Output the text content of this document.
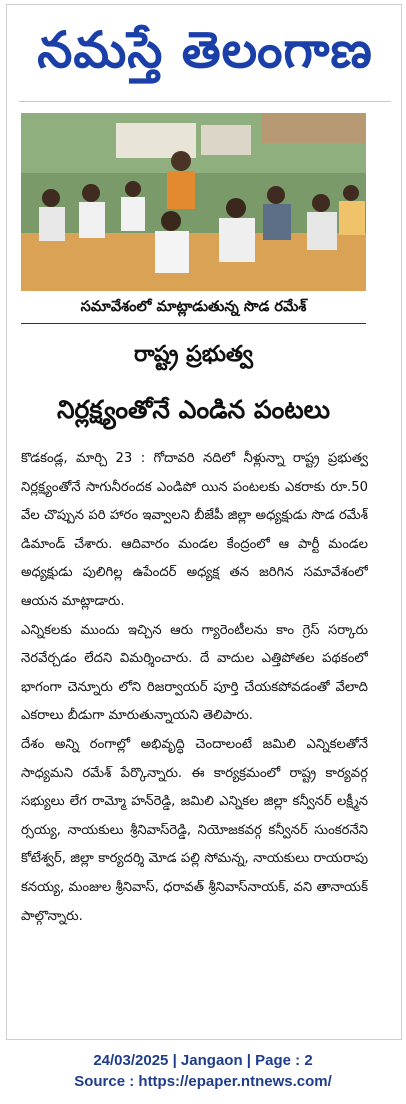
నమస్తే తెలంగాణ
సమావేశంలో మాట్లాడుతున్న సొడ రమేశ్
రాష్ట్ర ప్రభుత్వ
నిర్లక్ష్యంతోనే ఎండిన పంటలు

కొడకండ్ల, మార్చి 23 : గోదావరి నదిలో నీళ్లున్నా రాష్ట్ర ప్రభుత్వ నిర్లక్ష్యంతోనే సాగునీరందక ఎండిపో యిన పంటలకు ఎకరాకు రూ.50 వేల చొప్పున పరి హారం ఇవ్వాలని బీజేపీ జిల్లా అధ్యక్షుడు సొడ రమేశ్ డిమాండ్ చేశారు. ఆదివారం మండల కేంద్రంలో ఆ పార్టీ మండల అధ్యక్షుడు పులిగిల్ల ఉపేందర్ అధ్యక్ష తన జరిగిన సమావేశంలో ఆయన మాట్లాడారు.

ఎన్నికలకు ముందు ఇచ్చిన ఆరు గ్యారెంటీలను కాం గ్రెస్ సర్కారు నెరవేర్చడం లేదని విమర్శించారు. దే వాదుల ఎత్తిపోతల పథకంలో భాగంగా చెన్నూరు లోని రిజర్వాయర్ పూర్తి చేయకపోవడంతో వేలాది ఎకరాలు బీడుగా మారుతున్నాయని తెలిపారు.

దేశం అన్ని రంగాల్లో అభివృద్ధి చెందాలంటే జమిలి ఎన్నికలతోనే సాధ్యమని రమేశ్ పేర్కొన్నారు. ఈ కార్యక్రమంలో రాష్ట్ర కార్యవర్గ సభ్యులు లేగ రామ్మో హన్‌రెడ్డి, జమిలి ఎన్నికల జిల్లా కన్వీనర్ లక్ష్మీన ర్సయ్య, నాయకులు శ్రీనివాస్‌రెడ్డి, నియోజకవర్గ కన్వీనర్ సుంకరనేని కోటేశ్వర్, జిల్లా కార్యదర్శి మోడ పల్లి సోమన్న, నాయకులు రాయరాపు కనయ్య, మంజుల శ్రీనివాస్, ధరావత్ శ్రీనివాస్‌నాయక్, వని తానాయక్ పాల్గొన్నారు.

24/03/2025 | Jangaon | Page : 2
Source : https://epaper.ntnews.com/
